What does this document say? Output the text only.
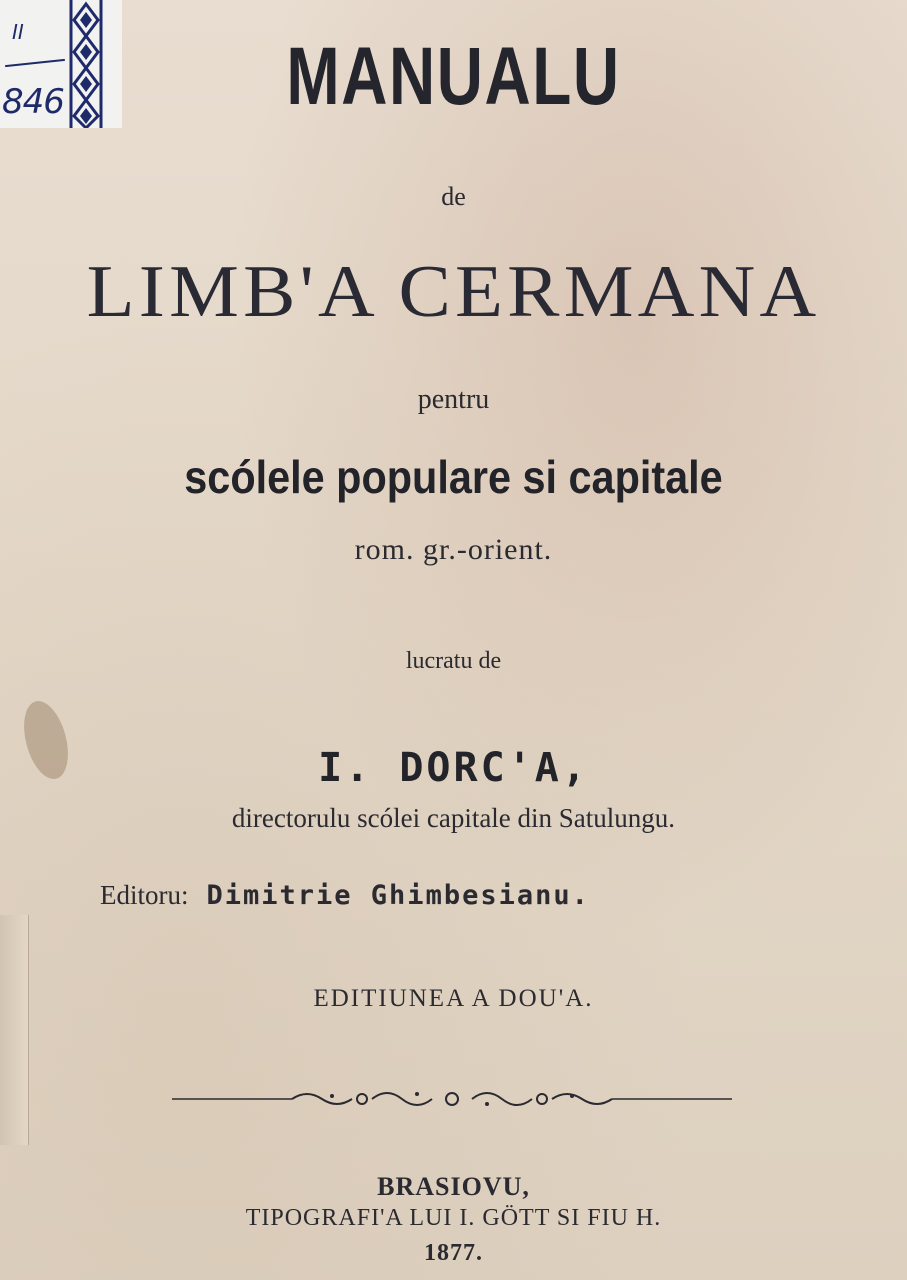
II
846	MANUALU
de
LIMB'A CERMANA
pentru
scólele populare si capitale
rom. gr.-orient.
lucratu de
I. DORC'A,
directorulu scólei capitale din Satulungu.
Editoru: Dimitrie Ghimbesianu.
EDITIUNEA A DOU'A.
BRASIOVU,
TIPOGRAFI'A LUI I. GÖTT SI FIU H.
1877.
